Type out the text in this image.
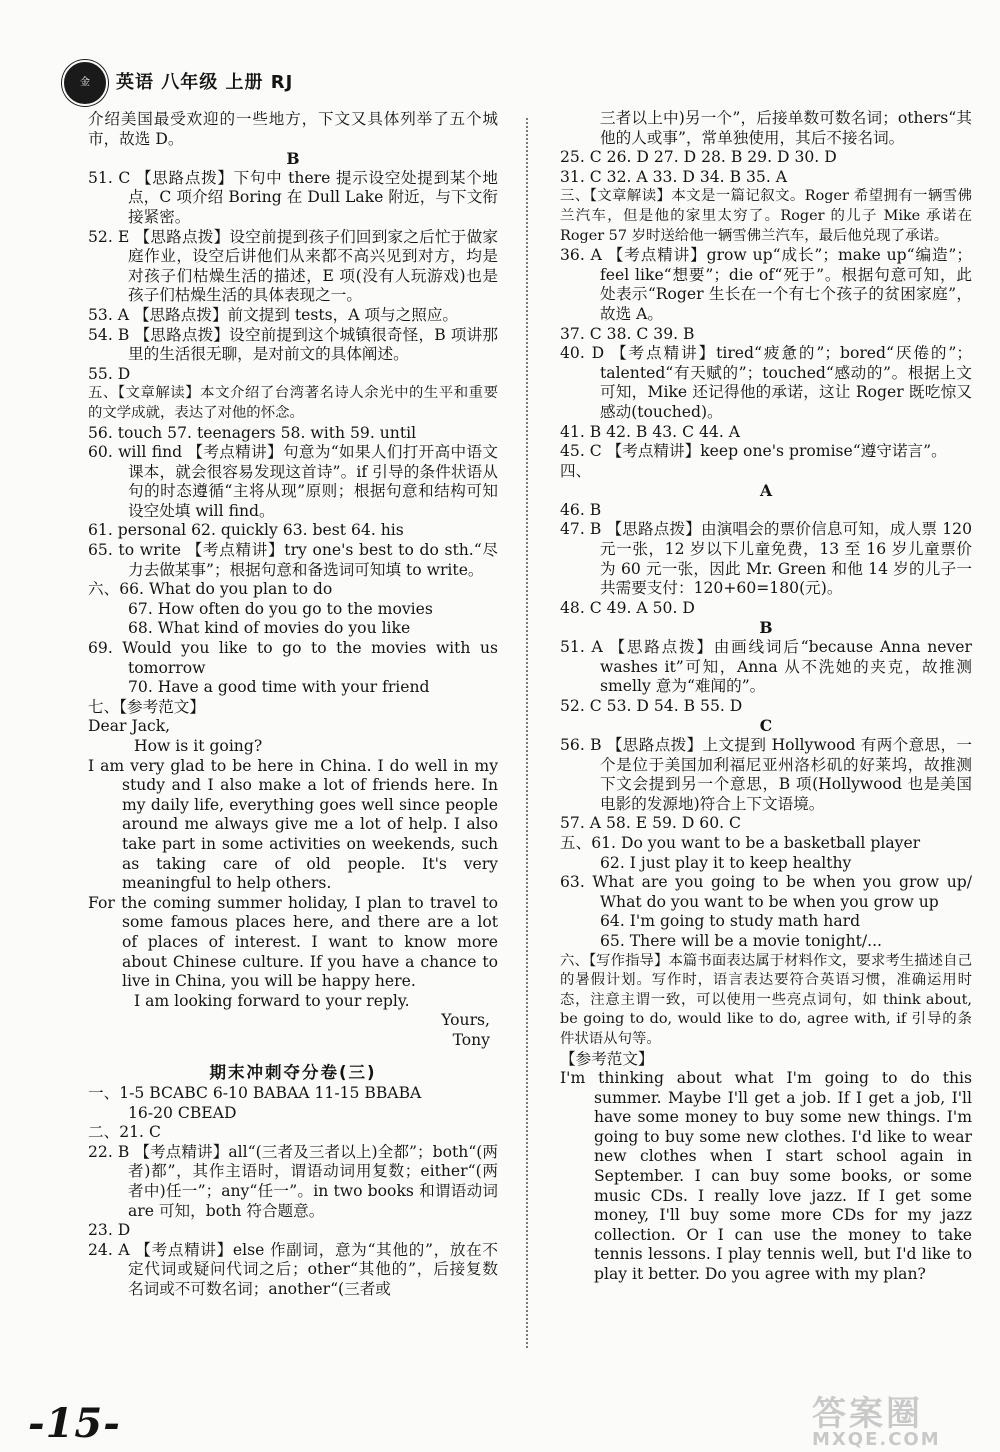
金	英语 八年级 上册 RJ

介绍美国最受欢迎的一些地方，下文又具体列举了五个城市，故选 D。

B

51. C 【思路点拨】下句中 there 提示设空处提到某个地点，C 项介绍 Boring 在 Dull Lake 附近，与下文衔接紧密。

52. E 【思路点拨】设空前提到孩子们回到家之后忙于做家庭作业，设空后讲他们从来都不高兴见到对方，均是对孩子们枯燥生活的描述，E 项(没有人玩游戏)也是孩子们枯燥生活的具体表现之一。

53. A 【思路点拨】前文提到 tests，A 项与之照应。

54. B 【思路点拨】设空前提到这个城镇很奇怪，B 项讲那里的生活很无聊，是对前文的具体阐述。

55. D

五、【文章解读】本文介绍了台湾著名诗人余光中的生平和重要的文学成就，表达了对他的怀念。

56. touch 57. teenagers 58. with 59. until

60. will find 【考点精讲】句意为“如果人们打开高中语文课本，就会很容易发现这首诗”。if 引导的条件状语从句的时态遵循“主将从现”原则；根据句意和结构可知设空处填 will find。

61. personal 62. quickly 63. best 64. his

65. to write 【考点精讲】try one's best to do sth.“尽力去做某事”；根据句意和备选词可知填 to write。

六、66. What do you plan to do

67. How often do you go to the movies

68. What kind of movies do you like

69. Would you like to go to the movies with us tomorrow

70. Have a good time with your friend

七、【参考范文】

Dear Jack,

How is it going?

I am very glad to be here in China. I do well in my study and I also make a lot of friends here. In my daily life, everything goes well since people around me always give me a lot of help. I also take part in some activities on weekends, such as taking care of old people. It's very meaningful to help others.

For the coming summer holiday, I plan to travel to some famous places here, and there are a lot of places of interest. I want to know more about Chinese culture. If you have a chance to live in China, you will be happy here.

I am looking forward to your reply.

Yours,

Tony

期末冲刺夺分卷(三)

一、1-5 BCABC 6-10 BABAA 11-15 BBABA

16-20 CBEAD

二、21. C

22. B 【考点精讲】all“(三者及三者以上)全都”；both“(两者)都”，其作主语时，谓语动词用复数；either“(两者中)任一”；any“任一”。in two books 和谓语动词 are 可知，both 符合题意。

23. D

24. A 【考点精讲】else 作副词，意为“其他的”，放在不定代词或疑问代词之后；other“其他的”，后接复数名词或不可数名词；another“(三者或

三者以上中)另一个”，后接单数可数名词；others“其他的人或事”，常单独使用，其后不接名词。

25. C 26. D 27. D 28. B 29. D 30. D

31. C 32. A 33. D 34. B 35. A

三、【文章解读】本文是一篇记叙文。Roger 希望拥有一辆雪佛兰汽车，但是他的家里太穷了。Roger 的儿子 Mike 承诺在 Roger 57 岁时送给他一辆雪佛兰汽车，最后他兑现了承诺。

36. A 【考点精讲】grow up“成长”；make up“编造”；feel like“想要”；die of“死于”。根据句意可知，此处表示“Roger 生长在一个有七个孩子的贫困家庭”，故选 A。

37. C 38. C 39. B

40. D 【考点精讲】tired“疲惫的”；bored“厌倦的”；talented“有天赋的”；touched“感动的”。根据上文可知，Mike 还记得他的承诺，这让 Roger 既吃惊又感动(touched)。

41. B 42. B 43. C 44. A

45. C 【考点精讲】keep one's promise“遵守诺言”。

四、

A

46. B

47. B 【思路点拨】由演唱会的票价信息可知，成人票 120 元一张，12 岁以下儿童免费，13 至 16 岁儿童票价为 60 元一张，因此 Mr. Green 和他 14 岁的儿子一共需要支付：120+60=180(元)。

48. C 49. A 50. D

B

51. A 【思路点拨】由画线词后“because Anna never washes it”可知，Anna 从不洗她的夹克，故推测 smelly 意为“难闻的”。

52. C 53. D 54. B 55. D

C

56. B 【思路点拨】上文提到 Hollywood 有两个意思，一个是位于美国加利福尼亚州洛杉矶的好莱坞，故推测下文会提到另一个意思，B 项(Hollywood 也是美国电影的发源地)符合上下文语境。

57. A 58. E 59. D 60. C

五、61. Do you want to be a basketball player

62. I just play it to keep healthy

63. What are you going to be when you grow up/ What do you want to be when you grow up

64. I'm going to study math hard

65. There will be a movie tonight/...

六、【写作指导】本篇书面表达属于材料作文，要求考生描述自己的暑假计划。写作时，语言表达要符合英语习惯，准确运用时态，注意主谓一致，可以使用一些亮点词句，如 think about, be going to do, would like to do, agree with, if 引导的条件状语从句等。

【参考范文】

I'm thinking about what I'm going to do this summer. Maybe I'll get a job. If I get a job, I'll have some money to buy some new things. I'm going to buy some new clothes. I'd like to wear new clothes when I start school again in September. I can buy some books, or some music CDs. I really love jazz. If I get some money, I'll buy some more CDs for my jazz collection. Or I can use the money to take tennis lessons. I play tennis well, but I'd like to play it better. Do you agree with my plan?

-15-	答案圈
MXQE.COM
